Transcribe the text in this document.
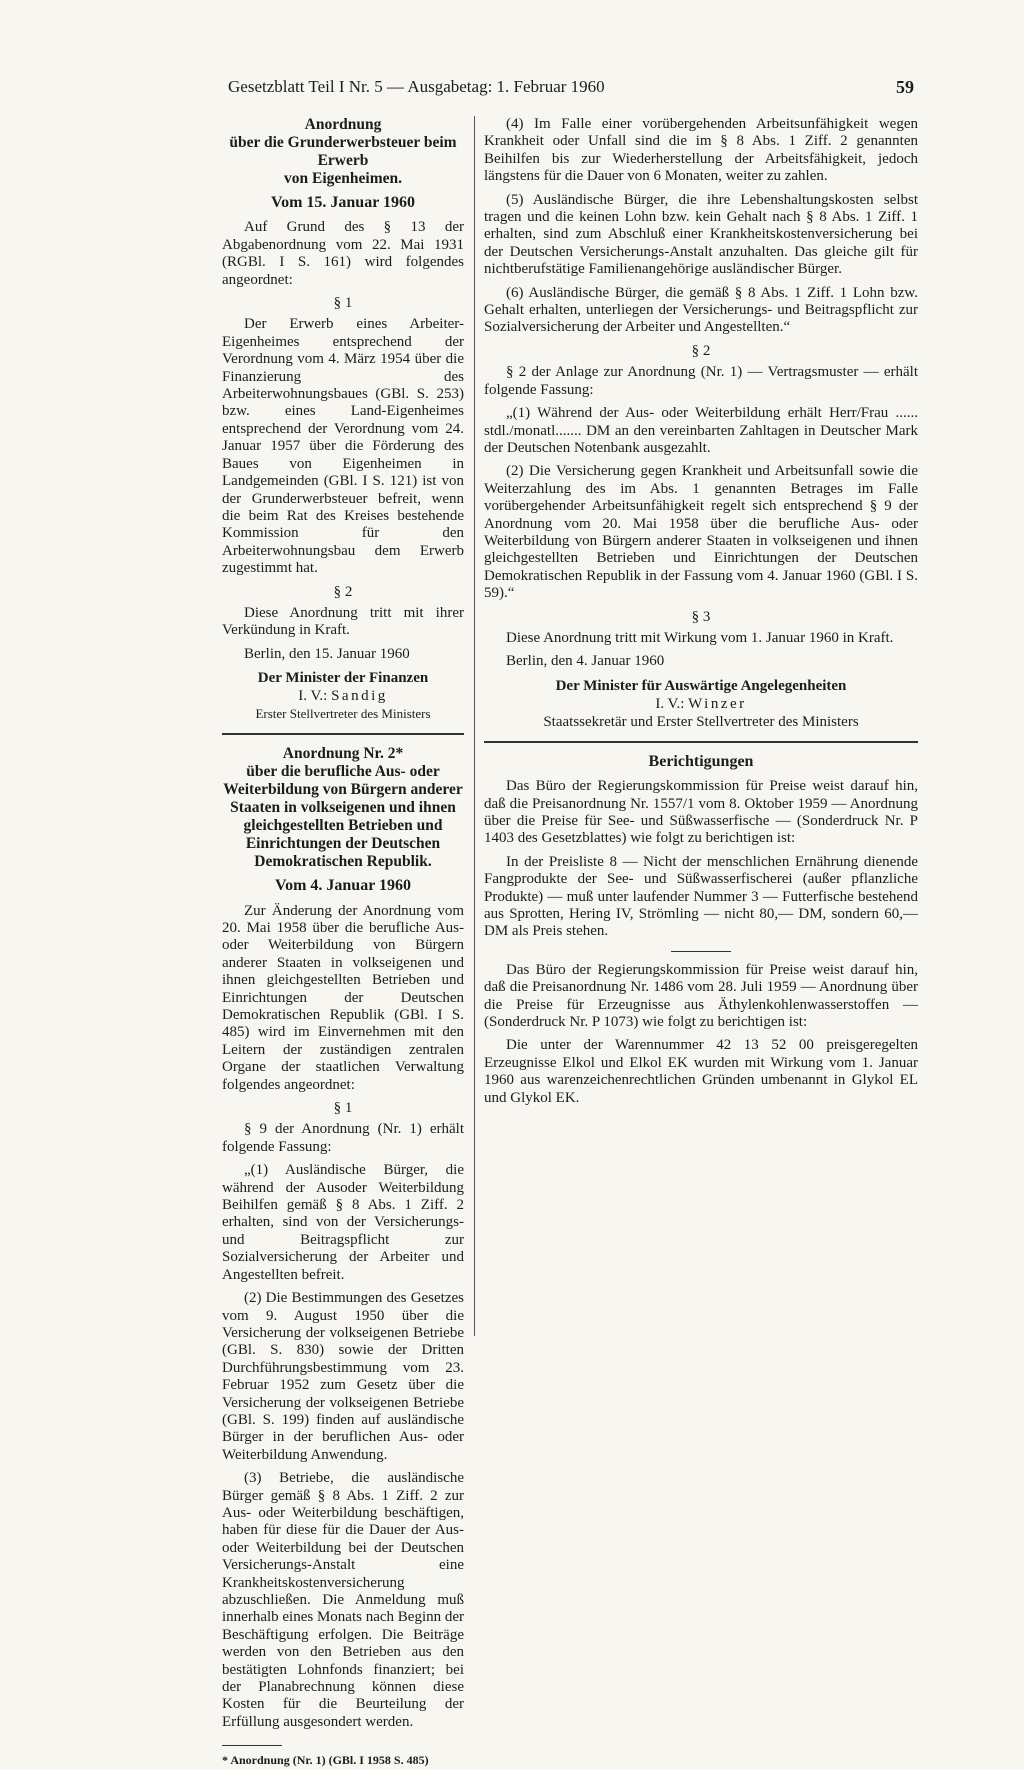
Gesetzblatt Teil I Nr. 5 — Ausgabetag: 1. Februar 1960	59
Anordnung
über die Grunderwerbsteuer beim Erwerb
von Eigenheimen.
Vom 15. Januar 1960

Auf Grund des § 13 der Abgabenordnung vom 22. Mai 1931 (RGBl. I S. 161) wird folgendes angeordnet:

§ 1

Der Erwerb eines Arbeiter-Eigenheimes entsprechend der Verordnung vom 4. März 1954 über die Finanzierung des Arbeiterwohnungsbaues (GBl. S. 253) bzw. eines Land-Eigenheimes entsprechend der Verordnung vom 24. Januar 1957 über die Förderung des Baues von Eigenheimen in Landgemeinden (GBl. I S. 121) ist von der Grunderwerbsteuer befreit, wenn die beim Rat des Kreises bestehende Kommission für den Arbeiterwohnungsbau dem Erwerb zugestimmt hat.

§ 2

Diese Anordnung tritt mit ihrer Verkündung in Kraft.

Berlin, den 15. Januar 1960

Der Minister der Finanzen
I. V.: Sandig
Erster Stellvertreter des Ministers
Anordnung Nr. 2*
über die berufliche Aus- oder Weiterbildung von Bürgern anderer Staaten in volkseigenen und ihnen gleichgestellten Betrieben und Einrichtungen der Deutschen Demokratischen Republik.
Vom 4. Januar 1960

Zur Änderung der Anordnung vom 20. Mai 1958 über die berufliche Aus- oder Weiterbildung von Bürgern anderer Staaten in volkseigenen und ihnen gleichgestellten Betrieben und Einrichtungen der Deutschen Demokratischen Republik (GBl. I S. 485) wird im Einvernehmen mit den Leitern der zuständigen zentralen Organe der staatlichen Verwaltung folgendes angeordnet:

§ 1

§ 9 der Anordnung (Nr. 1) erhält folgende Fassung:

„(1) Ausländische Bürger, die während der Ausoder Weiterbildung Beihilfen gemäß § 8 Abs. 1 Ziff. 2 erhalten, sind von der Versicherungs- und Beitragspflicht zur Sozialversicherung der Arbeiter und Angestellten befreit.

(2) Die Bestimmungen des Gesetzes vom 9. August 1950 über die Versicherung der volkseigenen Betriebe (GBl. S. 830) sowie der Dritten Durchführungsbestimmung vom 23. Februar 1952 zum Gesetz über die Versicherung der volkseigenen Betriebe (GBl. S. 199) finden auf ausländische Bürger in der beruflichen Aus- oder Weiterbildung Anwendung.

(3) Betriebe, die ausländische Bürger gemäß § 8 Abs. 1 Ziff. 2 zur Aus- oder Weiterbildung beschäftigen, haben für diese für die Dauer der Aus- oder Weiterbildung bei der Deutschen Versicherungs-Anstalt eine Krankheitskostenversicherung abzuschließen. Die Anmeldung muß innerhalb eines Monats nach Beginn der Beschäftigung erfolgen. Die Beiträge werden von den Betrieben aus den bestätigten Lohnfonds finanziert; bei der Planabrechnung können diese Kosten für die Beurteilung der Erfüllung ausgesondert werden.

* Anordnung (Nr. 1) (GBl. I 1958 S. 485)

(4) Im Falle einer vorübergehenden Arbeitsunfähigkeit wegen Krankheit oder Unfall sind die im § 8 Abs. 1 Ziff. 2 genannten Beihilfen bis zur Wiederherstellung der Arbeitsfähigkeit, jedoch längstens für die Dauer von 6 Monaten, weiter zu zahlen.

(5) Ausländische Bürger, die ihre Lebenshaltungskosten selbst tragen und die keinen Lohn bzw. kein Gehalt nach § 8 Abs. 1 Ziff. 1 erhalten, sind zum Abschluß einer Krankheitskostenversicherung bei der Deutschen Versicherungs-Anstalt anzuhalten. Das gleiche gilt für nichtberufstätige Familienangehörige ausländischer Bürger.

(6) Ausländische Bürger, die gemäß § 8 Abs. 1 Ziff. 1 Lohn bzw. Gehalt erhalten, unterliegen der Versicherungs- und Beitragspflicht zur Sozialversicherung der Arbeiter und Angestellten.“

§ 2

§ 2 der Anlage zur Anordnung (Nr. 1) — Vertragsmuster — erhält folgende Fassung:

„(1) Während der Aus- oder Weiterbildung erhält Herr/Frau ...... stdl./monatl....... DM an den vereinbarten Zahltagen in Deutscher Mark der Deutschen Notenbank ausgezahlt.

(2) Die Versicherung gegen Krankheit und Arbeitsunfall sowie die Weiterzahlung des im Abs. 1 genannten Betrages im Falle vorübergehender Arbeitsunfähigkeit regelt sich entsprechend § 9 der Anordnung vom 20. Mai 1958 über die berufliche Aus- oder Weiterbildung von Bürgern anderer Staaten in volkseigenen und ihnen gleichgestellten Betrieben und Einrichtungen der Deutschen Demokratischen Republik in der Fassung vom 4. Januar 1960 (GBl. I S. 59).“

§ 3

Diese Anordnung tritt mit Wirkung vom 1. Januar 1960 in Kraft.

Berlin, den 4. Januar 1960

Der Minister für Auswärtige Angelegenheiten
I. V.: Winzer
Staatssekretär und Erster Stellvertreter des Ministers
Berichtigungen

Das Büro der Regierungskommission für Preise weist darauf hin, daß die Preisanordnung Nr. 1557/1 vom 8. Oktober 1959 — Anordnung über die Preise für See- und Süßwasserfische — (Sonderdruck Nr. P 1403 des Gesetzblattes) wie folgt zu berichtigen ist:

In der Preisliste 8 — Nicht der menschlichen Ernährung dienende Fangprodukte der See- und Süßwasserfischerei (außer pflanzliche Produkte) — muß unter laufender Nummer 3 — Futterfische bestehend aus Sprotten, Hering IV, Strömling — nicht 80,— DM, sondern 60,— DM als Preis stehen.

Das Büro der Regierungskommission für Preise weist darauf hin, daß die Preisanordnung Nr. 1486 vom 28. Juli 1959 — Anordnung über die Preise für Erzeugnisse aus Äthylenkohlenwasserstoffen — (Sonderdruck Nr. P 1073) wie folgt zu berichtigen ist:

Die unter der Warennummer 42 13 52 00 preisgeregelten Erzeugnisse Elkol und Elkol EK wurden mit Wirkung vom 1. Januar 1960 aus warenzeichenrechtlichen Gründen umbenannt in Glykol EL und Glykol EK.
